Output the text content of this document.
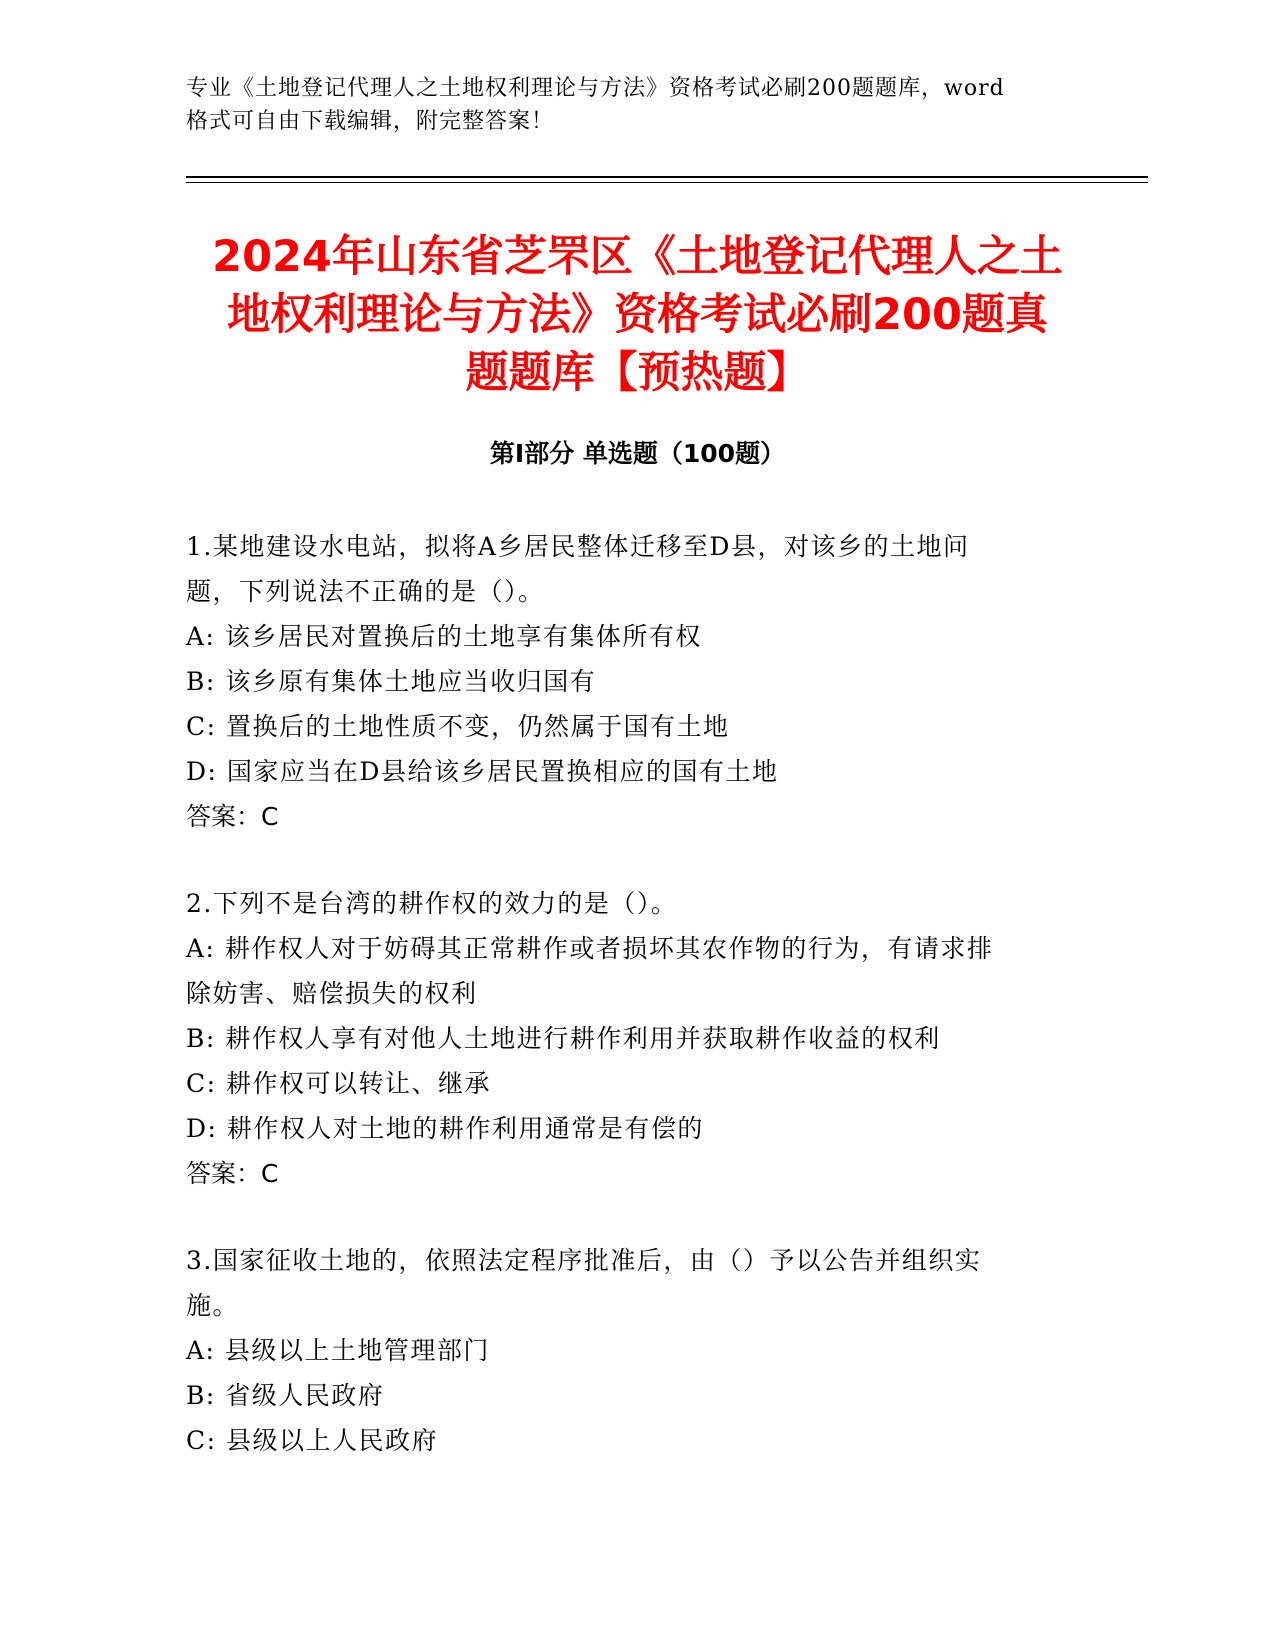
专业《土地登记代理人之土地权利理论与方法》资格考试必刷200题题库，word
格式可自由下载编辑，附完整答案！
2024年山东省芝罘区《土地登记代理人之土
地权利理论与方法》资格考试必刷200题真
题题库【预热题】
第Ⅰ部分 单选题（100题）
1.某地建设水电站，拟将A乡居民整体迁移至D县，对该乡的土地问
题，下列说法不正确的是（）。
A: 该乡居民对置换后的土地享有集体所有权
B: 该乡原有集体土地应当收归国有
C: 置换后的土地性质不变，仍然属于国有土地
D: 国家应当在D县给该乡居民置换相应的国有土地
答案：C
2.下列不是台湾的耕作权的效力的是（）。
A: 耕作权人对于妨碍其正常耕作或者损坏其农作物的行为，有请求排
除妨害、赔偿损失的权利
B: 耕作权人享有对他人土地进行耕作利用并获取耕作收益的权利
C: 耕作权可以转让、继承
D: 耕作权人对土地的耕作利用通常是有偿的
答案：C
3.国家征收土地的，依照法定程序批准后，由（）予以公告并组织实
施。
A: 县级以上土地管理部门
B: 省级人民政府
C: 县级以上人民政府
